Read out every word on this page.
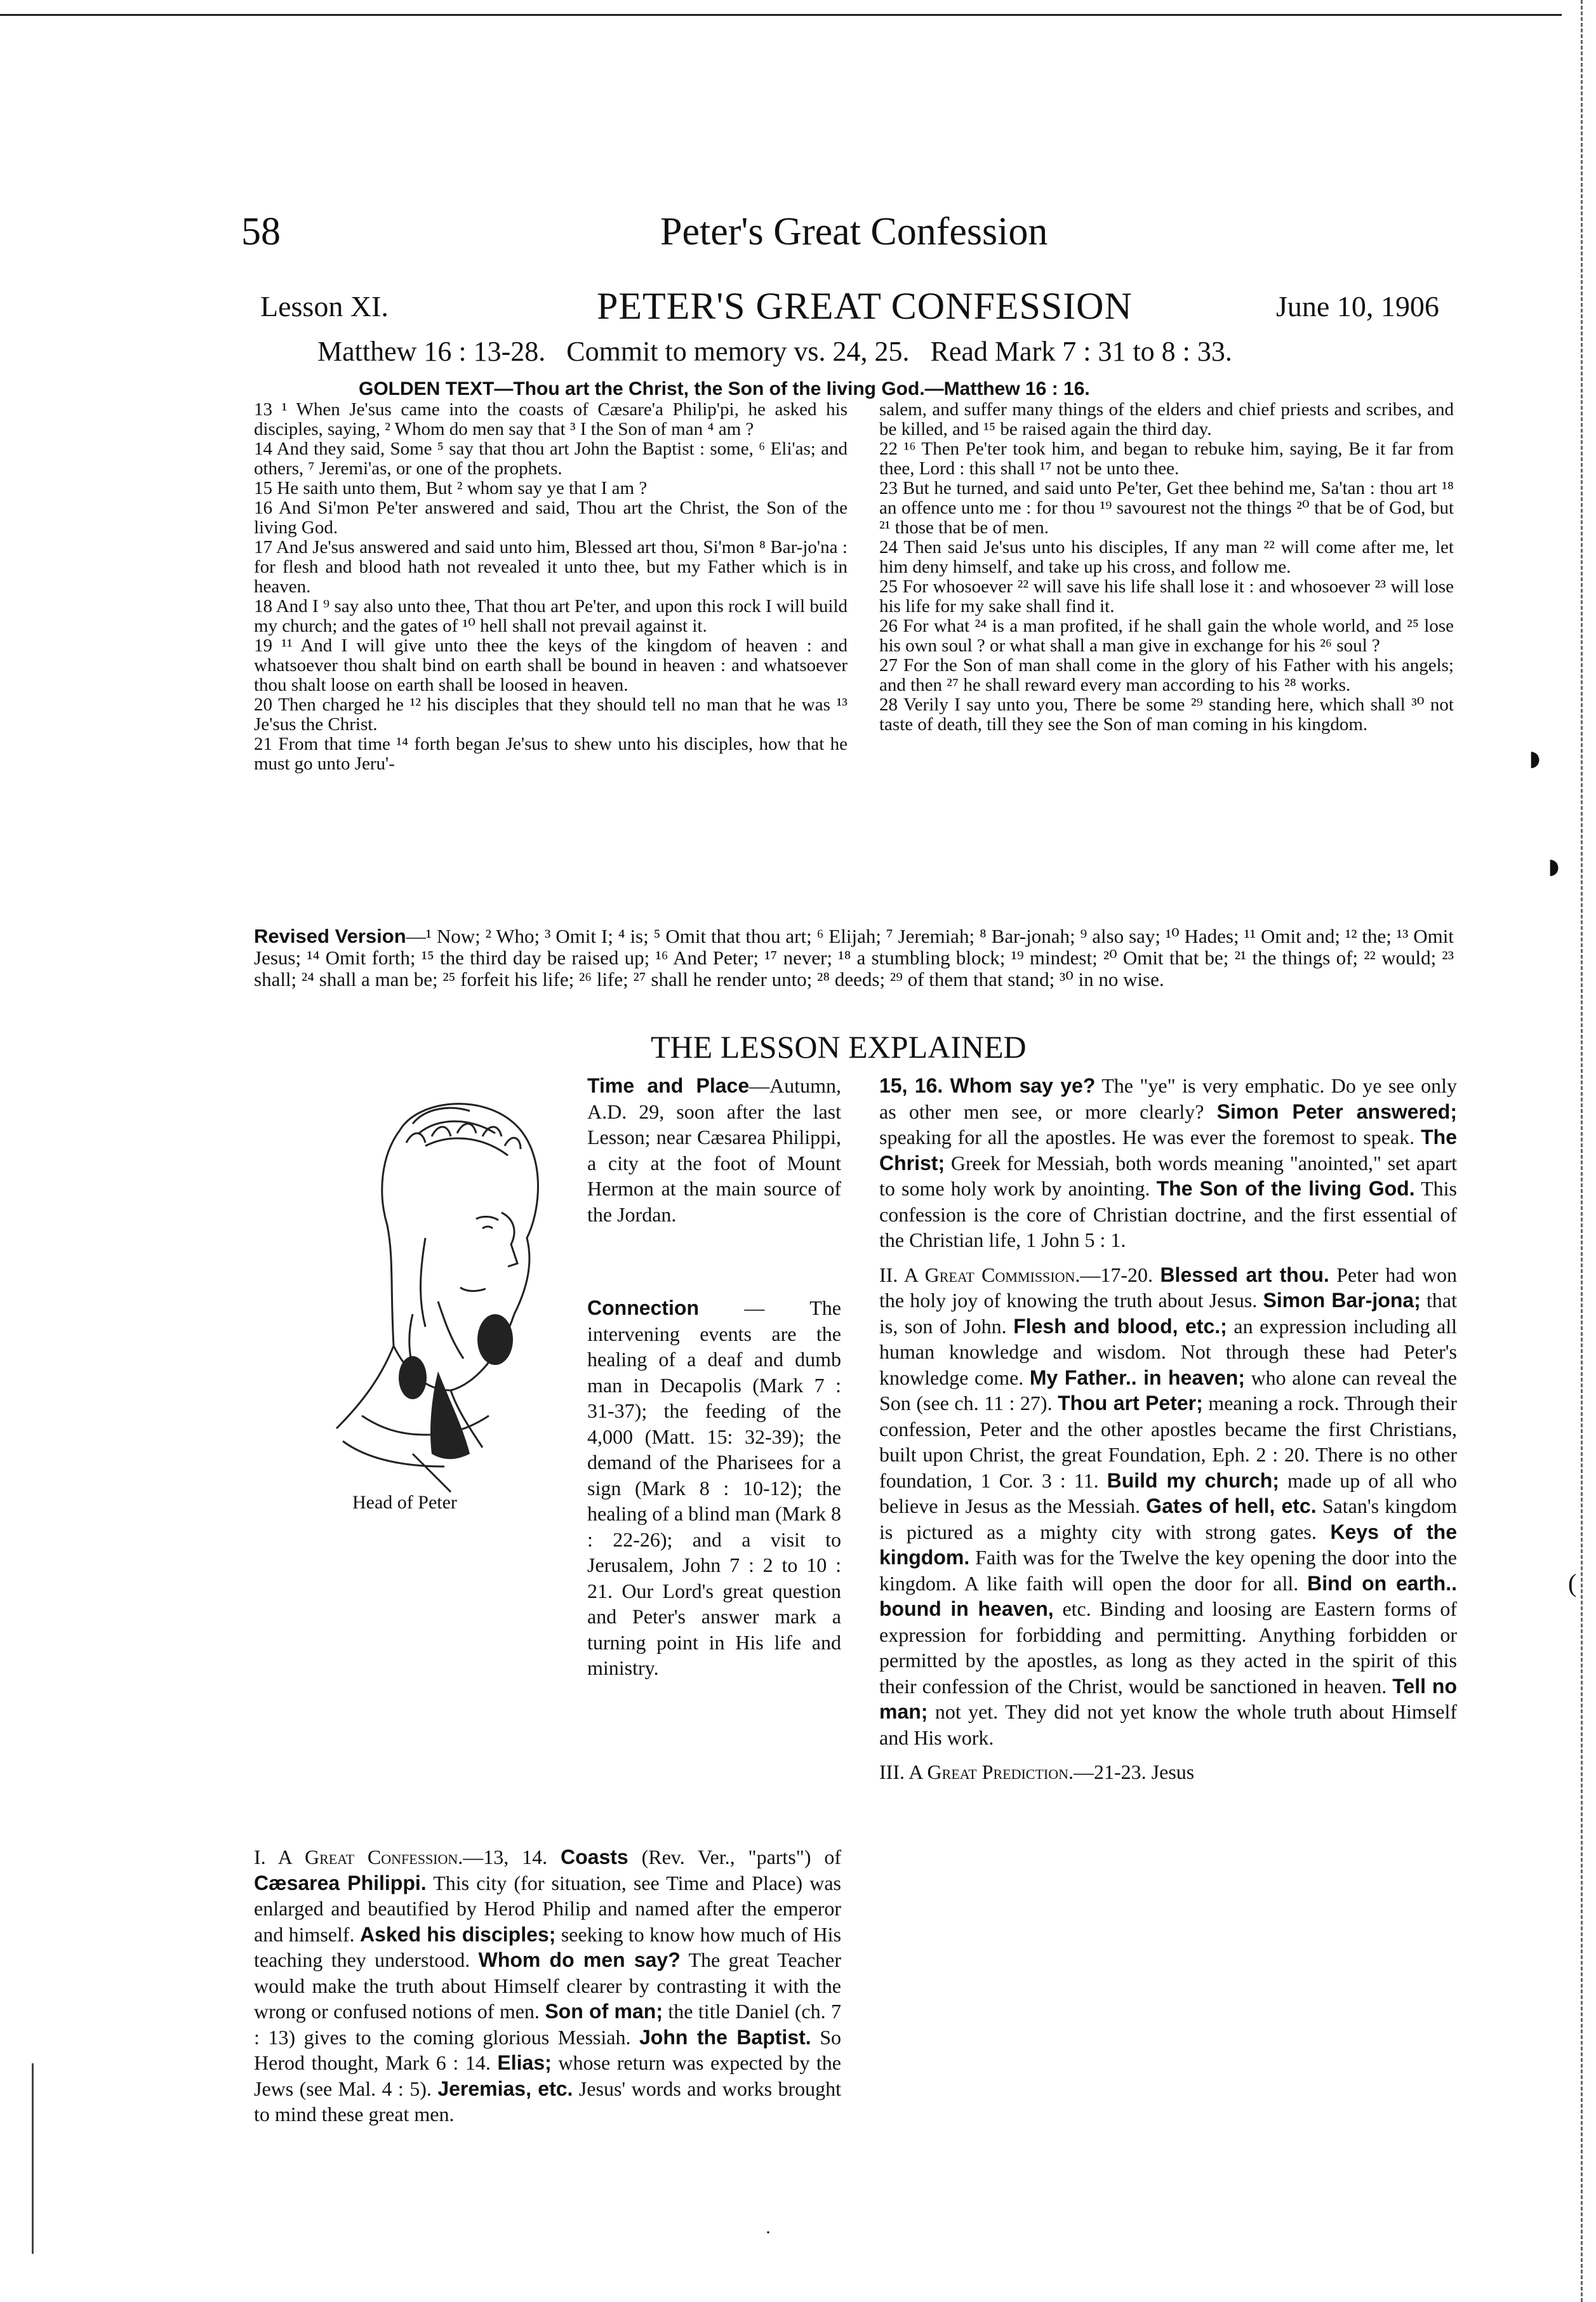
58	Peter's Great Confession
Lesson XI.	PETER'S GREAT CONFESSION	June 10, 1906
Matthew 16 : 13-28.   Commit to memory vs. 24, 25.   Read Mark 7 : 31 to 8 : 33.
GOLDEN TEXT—Thou art the Christ, the Son of the living God.—Matthew 16 : 16.

13 ¹ When Je'sus came into the coasts of Cæsare'a Philip'pi, he asked his disciples, saying, ² Whom do men say that ³ I the Son of man ⁴ am ?

14 And they said, Some ⁵ say that thou art John the Baptist : some, ⁶ Eli'as; and others, ⁷ Jeremi'as, or one of the prophets.

15 He saith unto them, But ² whom say ye that I am ?

16 And Si'mon Pe'ter answered and said, Thou art the Christ, the Son of the living God.

17 And Je'sus answered and said unto him, Blessed art thou, Si'mon ⁸ Bar-jo'na : for flesh and blood hath not revealed it unto thee, but my Father which is in heaven.

18 And I ⁹ say also unto thee, That thou art Pe'ter, and upon this rock I will build my church; and the gates of ¹⁰ hell shall not prevail against it.

19 ¹¹ And I will give unto thee the keys of the kingdom of heaven : and whatsoever thou shalt bind on earth shall be bound in heaven : and whatsoever thou shalt loose on earth shall be loosed in heaven.

20 Then charged he ¹² his disciples that they should tell no man that he was ¹³ Je'sus the Christ.

21 From that time ¹⁴ forth began Je'sus to shew unto his disciples, how that he must go unto Jeru'-

salem, and suffer many things of the elders and chief priests and scribes, and be killed, and ¹⁵ be raised again the third day.

22 ¹⁶ Then Pe'ter took him, and began to rebuke him, saying, Be it far from thee, Lord : this shall ¹⁷ not be unto thee.

23 But he turned, and said unto Pe'ter, Get thee behind me, Sa'tan : thou art ¹⁸ an offence unto me : for thou ¹⁹ savourest not the things ²⁰ that be of God, but ²¹ those that be of men.

24 Then said Je'sus unto his disciples, If any man ²² will come after me, let him deny himself, and take up his cross, and follow me.

25 For whosoever ²² will save his life shall lose it : and whosoever ²³ will lose his life for my sake shall find it.

26 For what ²⁴ is a man profited, if he shall gain the whole world, and ²⁵ lose his own soul ? or what shall a man give in exchange for his ²⁶ soul ?

27 For the Son of man shall come in the glory of his Father with his angels; and then ²⁷ he shall reward every man according to his ²⁸ works.

28 Verily I say unto you, There be some ²⁹ standing here, which shall ³⁰ not taste of death, till they see the Son of man coming in his kingdom.

Revised Version—¹ Now; ² Who; ³ Omit I; ⁴ is; ⁵ Omit that thou art; ⁶ Elijah; ⁷ Jeremiah; ⁸ Bar-jonah; ⁹ also say; ¹⁰ Hades; ¹¹ Omit and; ¹² the; ¹³ Omit Jesus; ¹⁴ Omit forth; ¹⁵ the third day be raised up; ¹⁶ And Peter; ¹⁷ never; ¹⁸ a stumbling block; ¹⁹ mindest; ²⁰ Omit that be; ²¹ the things of; ²² would; ²³ shall; ²⁴ shall a man be; ²⁵ forfeit his life; ²⁶ life; ²⁷ shall he render unto; ²⁸ deeds; ²⁹ of them that stand; ³⁰ in no wise.
THE LESSON EXPLAINED
Head of Peter

Time and Place—Autumn, A.D. 29, soon after the last Lesson; near Cæsarea Philippi, a city at the foot of Mount Hermon at the main source of the Jordan.

Connection — The intervening events are the healing of a deaf and dumb man in Decapolis (Mark 7 : 31-37); the feeding of the 4,000 (Matt. 15: 32-39); the demand of the Pharisees for a sign (Mark 8 : 10-12); the healing of a blind man (Mark 8 : 22-26); and a visit to Jerusalem, John 7 : 2 to 10 : 21. Our Lord's great question and Peter's answer mark a turning point in His life and ministry.

I. A Great Confession.—13, 14. Coasts (Rev. Ver., "parts") of Cæsarea Philippi. This city (for situation, see Time and Place) was enlarged and beautified by Herod Philip and named after the emperor and himself. Asked his disciples; seeking to know how much of His teaching they understood. Whom do men say? The great Teacher would make the truth about Himself clearer by contrasting it with the wrong or confused notions of men. Son of man; the title Daniel (ch. 7 : 13) gives to the coming glorious Messiah. John the Baptist. So Herod thought, Mark 6 : 14. Elias; whose return was expected by the Jews (see Mal. 4 : 5). Jeremias, etc. Jesus' words and works brought to mind these great men.

15, 16. Whom say ye? The "ye" is very emphatic. Do ye see only as other men see, or more clearly? Simon Peter answered; speaking for all the apostles. He was ever the foremost to speak. The Christ; Greek for Messiah, both words meaning "anointed," set apart to some holy work by anointing. The Son of the living God. This confession is the core of Christian doctrine, and the first essential of the Christian life, 1 John 5 : 1.

II. A Great Commission.—17-20. Blessed art thou. Peter had won the holy joy of knowing the truth about Jesus. Simon Bar-jona; that is, son of John. Flesh and blood, etc.; an expression including all human knowledge and wisdom. Not through these had Peter's knowledge come. My Father.. in heaven; who alone can reveal the Son (see ch. 11 : 27). Thou art Peter; meaning a rock. Through their confession, Peter and the other apostles became the first Christians, built upon Christ, the great Foundation, Eph. 2 : 20. There is no other foundation, 1 Cor. 3 : 11. Build my church; made up of all who believe in Jesus as the Messiah. Gates of hell, etc. Satan's kingdom is pictured as a mighty city with strong gates. Keys of the kingdom. Faith was for the Twelve the key opening the door into the kingdom. A like faith will open the door for all. Bind on earth.. bound in heaven, etc. Binding and loosing are Eastern forms of expression for forbidding and permitting. Anything forbidden or permitted by the apostles, as long as they acted in the spirit of this their confession of the Christ, would be sanctioned in heaven. Tell no man; not yet. They did not yet know the whole truth about Himself and His work.

III. A Great Prediction.—21-23. Jesus

◗
◗
(
·
